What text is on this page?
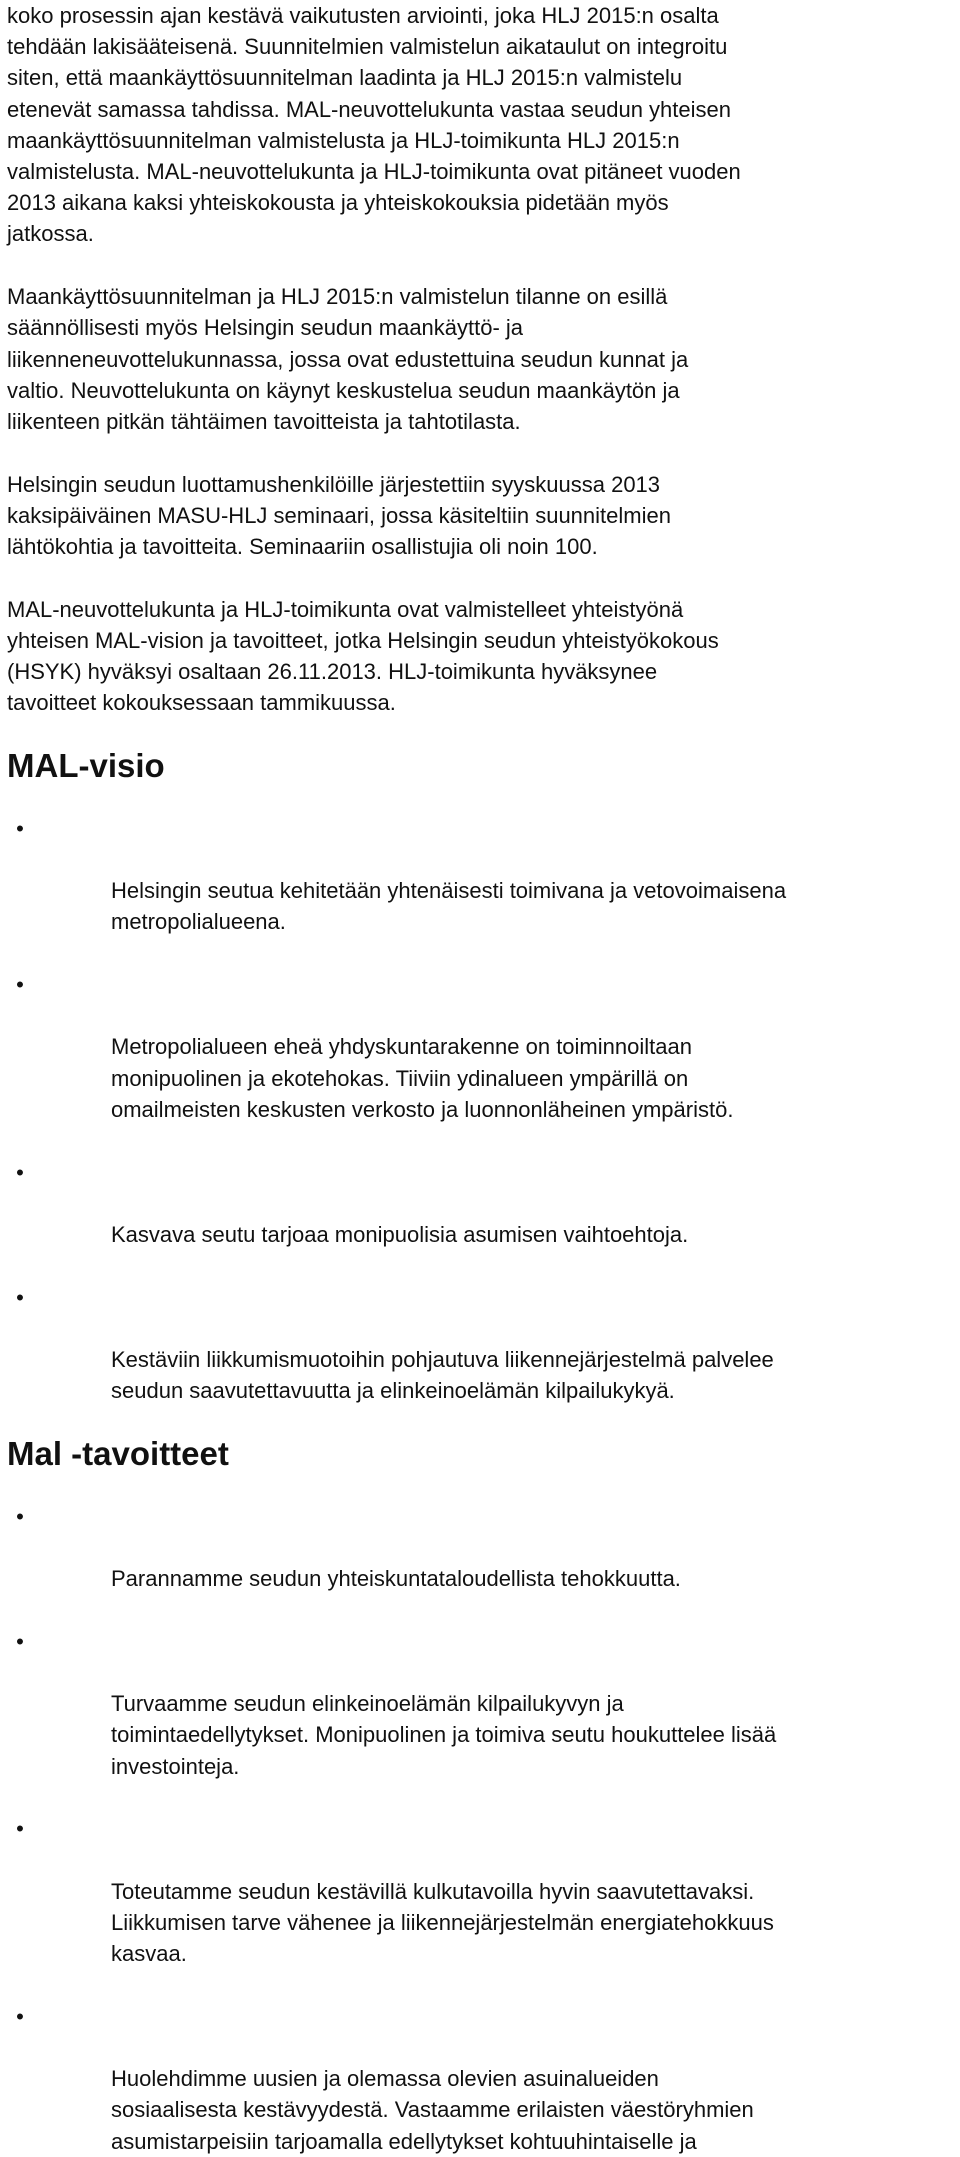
koko prosessin ajan kestävä vaikutusten arviointi, joka HLJ 2015:n osalta
tehdään lakisääteisenä. Suunnitelmien valmistelun aikataulut on integroitu
siten, että maankäyttösuunnitelman laadinta ja HLJ 2015:n valmistelu
etenevät samassa tahdissa. MAL-neuvottelukunta vastaa seudun yhteisen
maankäyttösuunnitelman valmistelusta ja HLJ-toimikunta HLJ 2015:n
valmistelusta. MAL-neuvottelukunta ja HLJ-toimikunta ovat pitäneet vuoden
2013 aikana kaksi yhteiskokousta ja yhteiskokouksia pidetään myös
jatkossa.

Maankäyttösuunnitelman ja HLJ 2015:n valmistelun tilanne on esillä
säännöllisesti myös Helsingin seudun maankäyttö- ja
liikenneneuvottelukunnassa, jossa ovat edustettuina seudun kunnat ja
valtio. Neuvottelukunta on käynyt keskustelua seudun maankäytön ja
liikenteen pitkän tähtäimen tavoitteista ja tahtotilasta.

Helsingin seudun luottamushenkilöille järjestettiin syyskuussa 2013
kaksipäiväinen MASU-HLJ seminaari, jossa käsiteltiin suunnitelmien
lähtökohtia ja tavoitteita. Seminaariin osallistujia oli noin 100.

MAL-neuvottelukunta ja HLJ-toimikunta ovat valmistelleet yhteistyönä
yhteisen MAL-vision ja tavoitteet, jotka Helsingin seudun yhteistyökokous
(HSYK) hyväksyi osaltaan 26.11.2013. HLJ-toimikunta hyväksynee
tavoitteet kokouksessaan tammikuussa.

MAL-visio

•

Helsingin seutua kehitetään yhtenäisesti toimivana ja vetovoimaisena
metropolialueena.

•

Metropolialueen eheä yhdyskuntarakenne on toiminnoiltaan
monipuolinen ja ekotehokas. Tiiviin ydinalueen ympärillä on
omailmeisten keskusten verkosto ja luonnonläheinen ympäristö.

•

Kasvava seutu tarjoaa monipuolisia asumisen vaihtoehtoja.

•

Kestäviin liikkumismuotoihin pohjautuva liikennejärjestelmä palvelee
seudun saavutettavuutta ja elinkeinoelämän kilpailukykyä.

Mal -tavoitteet

•

Parannamme seudun yhteiskuntataloudellista tehokkuutta.

•

Turvaamme seudun elinkeinoelämän kilpailukyvyn ja
toimintaedellytykset. Monipuolinen ja toimiva seutu houkuttelee lisää
investointeja.

•

Toteutamme seudun kestävillä kulkutavoilla hyvin saavutettavaksi.
Liikkumisen tarve vähenee ja liikennejärjestelmän energiatehokkuus
kasvaa.

•

Huolehdimme uusien ja olemassa olevien asuinalueiden
sosiaalisesta kestävyydestä. Vastaamme erilaisten väestöryhmien
asumistarpeisiin tarjoamalla edellytykset kohtuuhintaiselle ja
